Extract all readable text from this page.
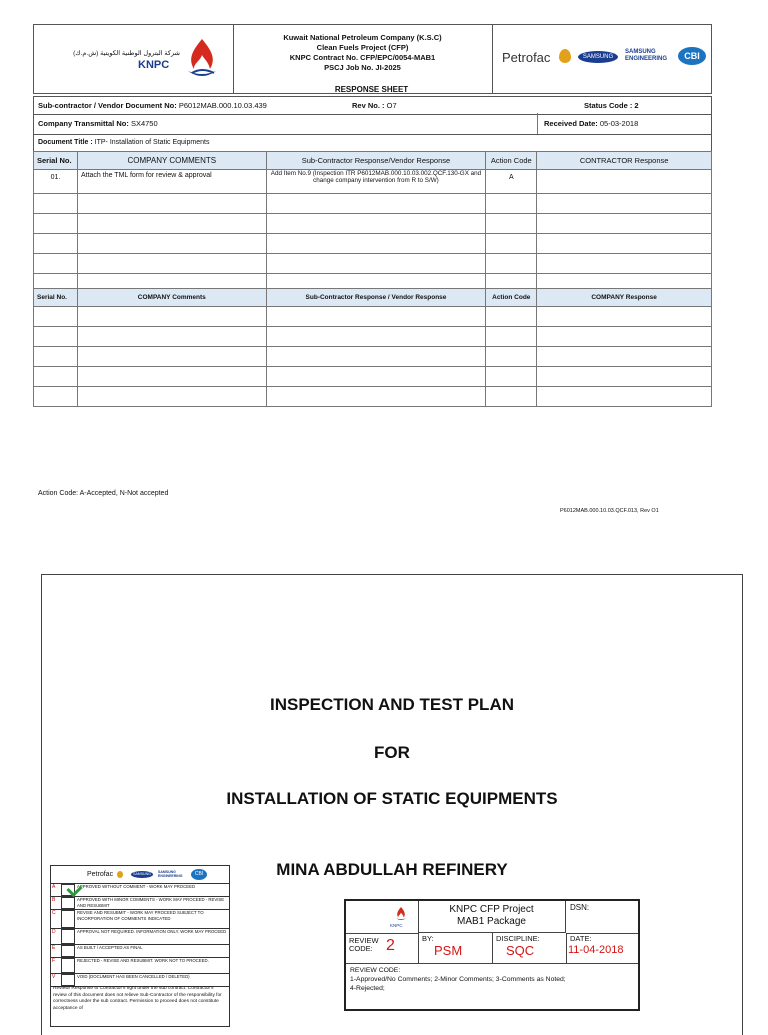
شركة البترول الوطنية الكويتية (ش.م.ك)
KNPC
Kuwait National Petroleum Company (K.S.C)
Clean Fuels Project (CFP)
KNPC Contract No. CFP/EPC/0054-MAB1
PSCJ Job No. JI-2025
Petrofac	SAMSUNG
SAMSUNG ENGINEERING	CBI
RESPONSE SHEET
Sub-contractor / Vendor Document No: P6012MAB.000.10.03.439	Rev No. : O7	Status Code : 2
Company Transmittal No: SX4750	Received Date: 05-03-2018
Document Title : ITP- Installation of Static Equipments
Serial No.	COMPANY COMMENTS	Sub-Contractor Response/Vendor Response	Action Code	CONTRACTOR Response
01.	Attach the TML form for review & approval	Add Item No.9 (Inspection ITR P6012MAB.000.10.03.002.QCF.130-GX and change company intervention from R to S/W)	A	

Serial No.	COMPANY Comments	Sub-Contractor Response / Vendor Response	Action Code	COMPANY Response

Action Code: A-Accepted, N-Not accepted
P6012MAB.000.10.03.QCF.013, Rev O1
INSPECTION AND TEST PLAN
FOR
INSTALLATION OF STATIC EQUIPMENTS
MINA ABDULLAH REFINERY
Petrofac	SAMSUNG	SAMSUNG ENGINEERING	CBI
A	APPROVED WITHOUT COMMENT - WORK MAY PROCEED
B	APPROVED WITH MINOR COMMENTS - WORK MAY PROCEED - REVISE AND RESUBMIT
C	REVISE AND RESUBMIT - WORK MAY PROCEED SUBJECT TO INCORPORATION OF COMMENTS INDICATED
D	APPROVAL NOT REQUIRED. INFORMATION ONLY. WORK MAY PROCEED
E	AS BUILT / ACCEPTED AS FINAL
F	REJECTED - REVISE AND RESUBMIT. WORK NOT TO PROCEED.
V	VOID (DOCUMENT HAS BEEN CANCELLED / DELETED)
Review/ Response to Contractor's right under the sub contract. Contractor's review of this document does not relieve Sub-Contractor of the responsibility for correctness under the sub contract. Permission to proceed does not constitute acceptance of
KNPC
KNPC CFP Project
MAB1 Package
DSN:
REVIEW CODE: 2	BY:
PSM
DISCIPLINE:
SQC
DATE:
11-04-2018
REVIEW CODE:
1-Approved/No Comments; 2-Minor Comments; 3-Comments as Noted;
4-Rejected;
